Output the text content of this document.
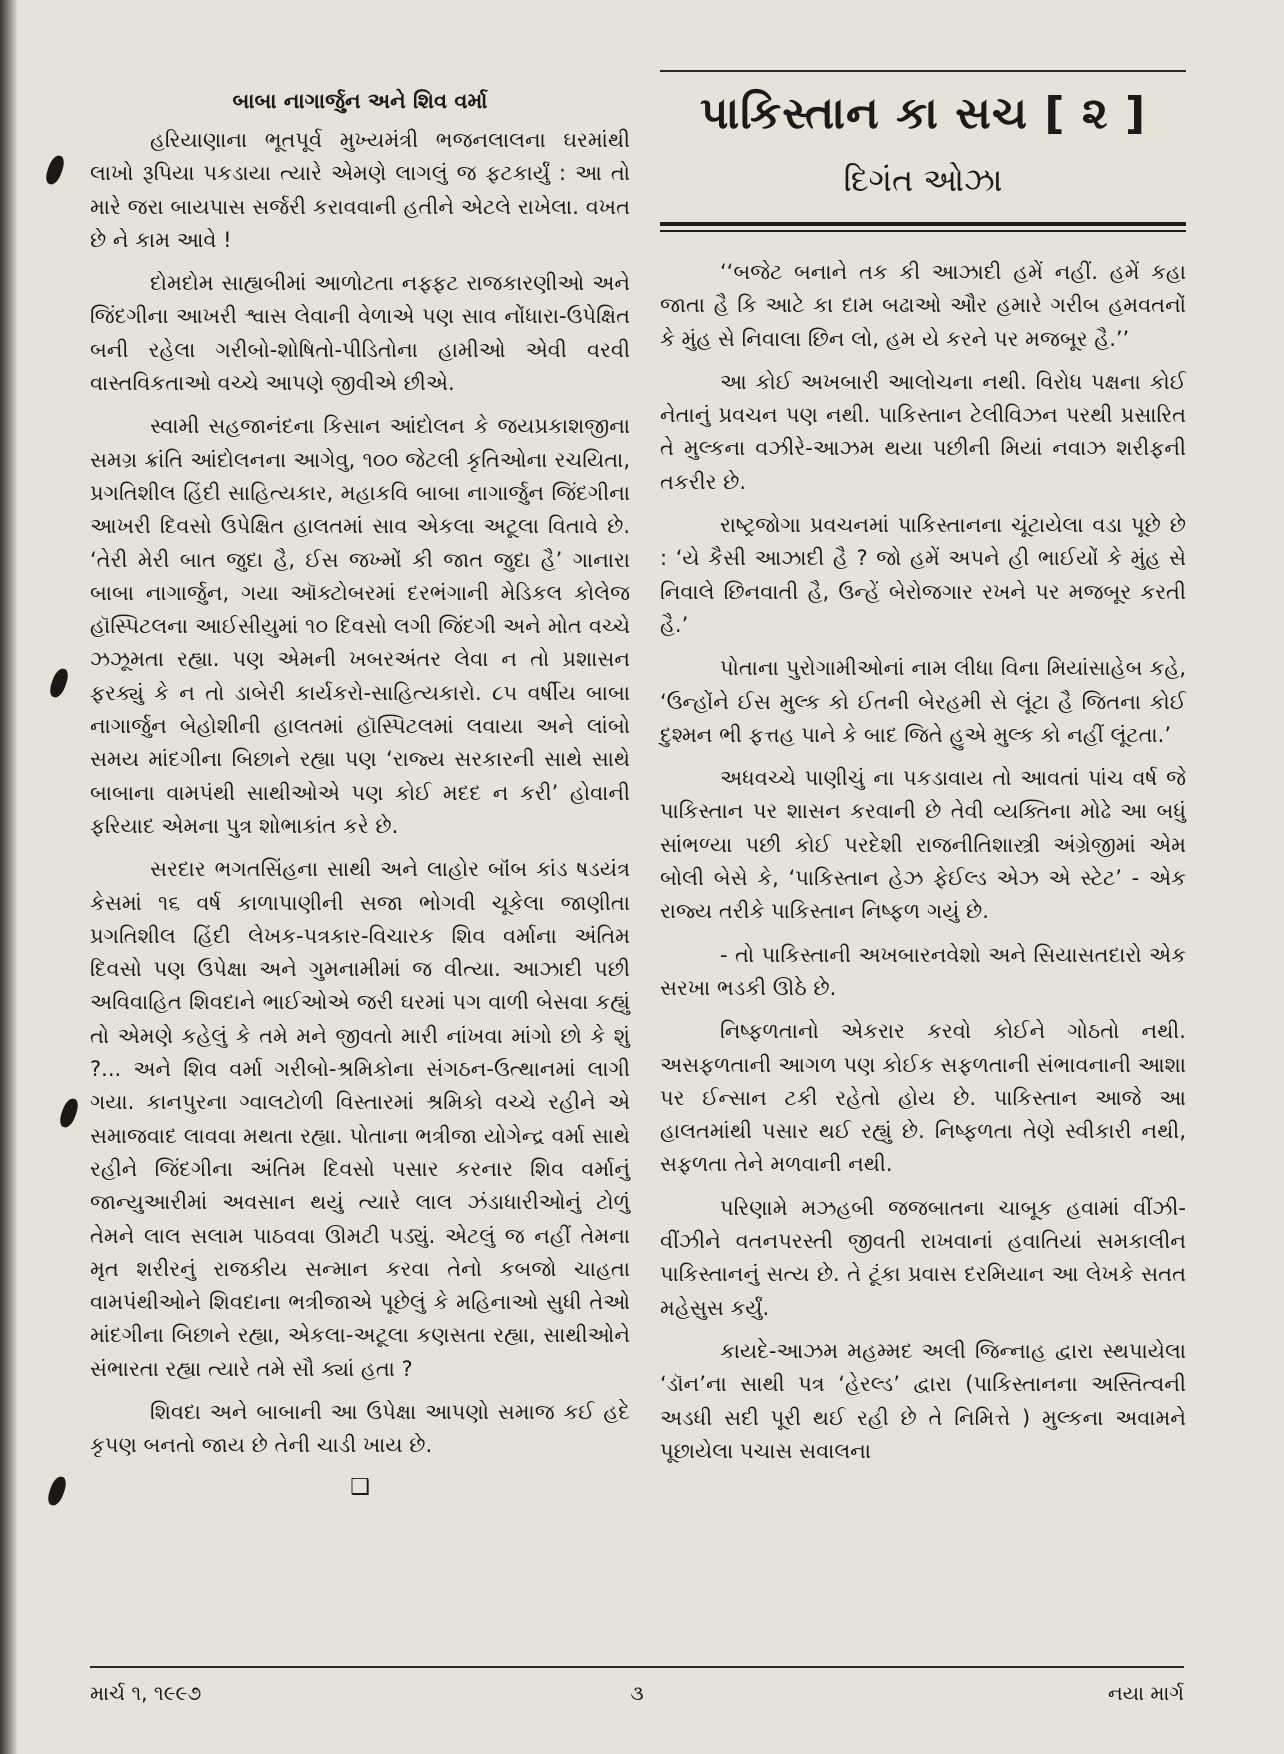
બાબા નાગાર્જુન અને શિવ વર્મા

હરિયાણાના ભૂતપૂર્વ મુખ્યમંત્રી ભજનલાલના ઘરમાંથી લાખો રૂપિયા પકડાયા ત્યારે એમણે લાગલું જ ફટકાર્યું : આ તો મારે જરા બાયપાસ સર્જરી કરાવવાની હતીને એટલે રાખેલા. વખત છે ને કામ આવે !

દોમદોમ સાહ્યબીમાં આળોટતા નફ્ફટ રાજકારણીઓ અને જિંદગીના આખરી શ્વાસ લેવાની વેળાએ પણ સાવ નોંધારા-ઉપેક્ષિત બની રહેલા ગરીબો-શોષિતો-પીડિતોના હામીઓ એવી વરવી વાસ્તવિકતાઓ વચ્ચે આપણે જીવીએ છીએ.

સ્વામી સહજાનંદના કિસાન આંદોલન કે જયપ્રકાશજીના સમગ્ર ક્રાંતિ આંદોલનના આગેવુ, ૧૦૦ જેટલી કૃતિઓના રચયિતા, પ્રગતિશીલ હિંદી સાહિત્યકાર, મહાકવિ બાબા નાગાર્જુન જિંદગીના આખરી દિવસો ઉપેક્ષિત હાલતમાં સાવ એકલા અટૂલા વિતાવે છે. ‘તેરી મેરી બાત જુદા હૈ, ઈસ જખ્મોં કી જાત જુદા હૈ’ ગાનારા બાબા નાગાર્જુન, ગયા ઑક્ટોબરમાં દરભંગાની મેડિકલ કોલેજ હૉસ્પિટલના આઈસીયુમાં ૧૦ દિવસો લગી જિંદગી અને મોત વચ્ચે ઝઝૂમતા રહ્યા. પણ એમની ખબરઅંતર લેવા ન તો પ્રશાસન ફરક્યું કે ન તો ડાબેરી કાર્યકરો-સાહિત્યકારો. ૮૫ વર્ષીય બાબા નાગાર્જુન બેહોશીની હાલતમાં હૉસ્પિટલમાં લવાયા અને લાંબો સમય માંદગીના બિછાને રહ્યા પણ ‘રાજ્ય સરકારની સાથે સાથે બાબાના વામપંથી સાથીઓએ પણ કોઈ મદદ ન કરી’ હોવાની ફરિયાદ એમના પુત્ર શોભાકાંત કરે છે.

સરદાર ભગતસિંહના સાથી અને લાહોર બૉંબ કાંડ ષડયંત્ર કેસમાં ૧૬ વર્ષ કાળાપાણીની સજા ભોગવી ચૂકેલા જાણીતા પ્રગતિશીલ હિંદી લેખક-પત્રકાર-વિચારક શિવ વર્માના અંતિમ દિવસો પણ ઉપેક્ષા અને ગુમનામીમાં જ વીત્યા. આઝાદી પછી અવિવાહિત શિવદાને ભાઈઓએ જરી ઘરમાં પગ વાળી બેસવા કહ્યું તો એમણે કહેલું કે તમે મને જીવતો મારી નાંખવા માંગો છો કે શું ?... અને શિવ વર્મા ગરીબો-શ્રમિકોના સંગઠન-ઉત્થાનમાં લાગી ગયા. કાનપુરના ગ્વાલટોળી વિસ્તારમાં શ્રમિકો વચ્ચે રહીને એ સમાજવાદ લાવવા મથતા રહ્યા. પોતાના ભત્રીજા યોગેન્દ્ર વર્મા સાથે રહીને જિંદગીના અંતિમ દિવસો પસાર કરનાર શિવ વર્માનું જાન્યુઆરીમાં અવસાન થયું ત્યારે લાલ ઝંડાધારીઓનું ટોળું તેમને લાલ સલામ પાઠવવા ઊમટી પડ્યું. એટલું જ નહીં તેમના મૃત શરીરનું રાજકીય સન્માન કરવા તેનો કબજો ચાહતા વામપંથીઓને શિવદાના ભત્રીજાએ પૂછેલું કે મહિનાઓ સુધી તેઓ માંદગીના બિછાને રહ્યા, એકલા-અટૂલા કણસતા રહ્યા, સાથીઓને સંભારતા રહ્યા ત્યારે તમે સૌ ક્યાં હતા ?

શિવદા અને બાબાની આ ઉપેક્ષા આપણો સમાજ કઈ હદે કૃપણ બનતો જાય છે તેની ચાડી ખાય છે.

❑
પાકિસ્તાન કા સચ [ ૨ ]
દિગંત ઓઝા

‘‘બજેટ બનાને તક કી આઝાદી હમેં નહીં. હમેં કહા જાતા હૈ કિ આટે કા દામ બઢાઓ ઔર હમારે ગરીબ હમવતનોં કે મુંહ સે નિવાલા છિન લો, હમ યે કરને પર મજબૂર હૈ.’’

આ કોઈ અખબારી આલોચના નથી. વિરોધ પક્ષના કોઈ નેતાનું પ્રવચન પણ નથી. પાકિસ્તાન ટેલીવિઝન પરથી પ્રસારિત તે મુલ્કના વઝીરે-આઝમ થયા પછીની મિયાં નવાઝ શરીફની તકરીર છે.

રાષ્ટ્રજોગા પ્રવચનમાં પાકિસ્તાનના ચૂંટાયેલા વડા પૂછે છે : ‘યે કૈસી આઝાદી હૈ ? જો હમેં અપને હી ભાઈયોં કે મુંહ સે નિવાલે છિનવાતી હૈ, ઉન્હેં બેરોજગાર રખને પર મજબૂર કરતી હૈ.’

પોતાના પુરોગામીઓનાં નામ લીધા વિના મિયાંસાહેબ કહે, ‘ઉન્હોંને ઈસ મુલ્ક કો ઈતની બેરહમી સે લૂંટા હૈ જિતના કોઈ દુશ્મન ભી ફત્તહ પાને કે બાદ જિતે હુએ મુલ્ક કો નહીં લૂંટતા.’

અધવચ્ચે પાણીચું ના પકડાવાય તો આવતાં પાંચ વર્ષ જે પાકિસ્તાન પર શાસન કરવાની છે તેવી વ્યક્તિના મોઢે આ બધું સાંભળ્યા પછી કોઈ પરદેશી રાજનીતિશાસ્ત્રી અંગ્રેજીમાં એમ બોલી બેસે કે, ‘પાકિસ્તાન હેઝ ફેઈલ્ડ એઝ એ સ્ટેટ’ - એક રાજ્ય તરીકે પાકિસ્તાન નિષ્ફળ ગયું છે.

- તો પાકિસ્તાની અખબારનવેશો અને સિયાસતદારો એક સરખા ભડકી ઊઠે છે.

નિષ્ફળતાનો એકરાર કરવો કોઈને ગોઠતો નથી. અસફળતાની આગળ પણ કોઈક સફળતાની સંભાવનાની આશા પર ઈન્સાન ટકી રહેતો હોય છે. પાકિસ્તાન આજે આ હાલતમાંથી પસાર થઈ રહ્યું છે. નિષ્ફળતા તેણે સ્વીકારી નથી, સફળતા તેને મળવાની નથી.

પરિણામે મઝહબી જજબાતના ચાબૂક હવામાં વીંઝી-વીંઝીને વતનપરસ્તી જીવતી રાખવાનાં હવાતિયાં સમકાલીન પાકિસ્તાનનું સત્ય છે. તે ટૂંકા પ્રવાસ દરમિયાન આ લેખકે સતત મહેસુસ કર્યું.

કાયદે-આઝમ મહમ્મદ અલી જિન્નાહ દ્વારા સ્થપાયેલા ‘ડૉન’ના સાથી પત્ર ‘હેરલ્ડ’ દ્વારા (પાકિસ્તાનના અસ્તિત્વની અડધી સદી પૂરી થઈ રહી છે તે નિમિત્તે ) મુલ્કના અવામને પૂછાયેલા પચાસ સવાલના

માર્ચ ૧, ૧૯૯૭	૩	નયા માર્ગ
